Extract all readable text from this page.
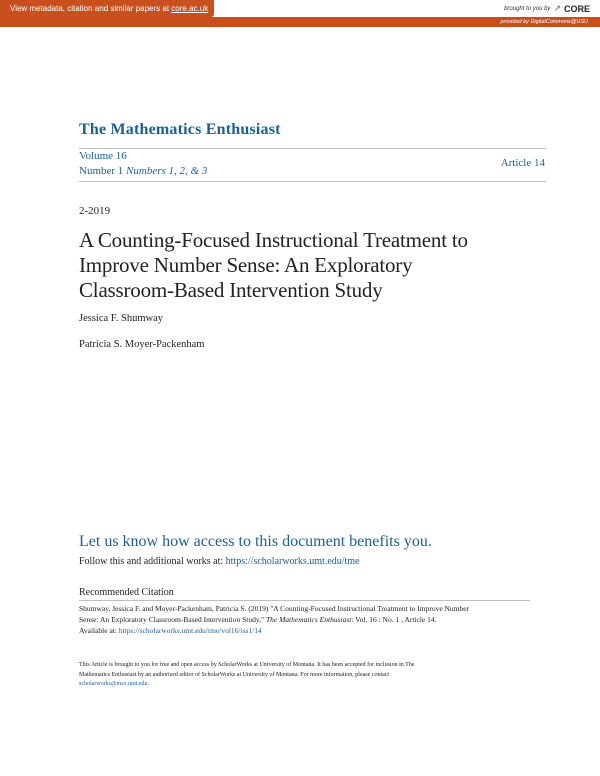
View metadata, citation and similar papers at core.ac.uk	brought to you by ↗ CORE
provided by DigitalCommons@USU
The Mathematics Enthusiast
Volume 16
Number 1 Numbers 1, 2, & 3
Article 14
2-2019
A Counting-Focused Instructional Treatment to
Improve Number Sense: An Exploratory
Classroom-Based Intervention Study
Jessica F. Shumway
Patricia S. Moyer-Packenham
Let us know how access to this document benefits you.
Follow this and additional works at: https://scholarworks.umt.edu/tme
Recommended Citation
Shumway, Jessica F. and Moyer-Packenham, Patricia S. (2019) "A Counting-Focused Instructional Treatment to Improve Number
Sense: An Exploratory Classroom-Based Intervention Study," The Mathematics Enthusiast: Vol. 16 : No. 1 , Article 14.
Available at: https://scholarworks.umt.edu/tme/vol16/iss1/14
This Article is brought to you for free and open access by ScholarWorks at University of Montana. It has been accepted for inclusion in The
Mathematics Enthusiast by an authorized editor of ScholarWorks at University of Montana. For more information, please contact
scholarworks@mso.umt.edu.
